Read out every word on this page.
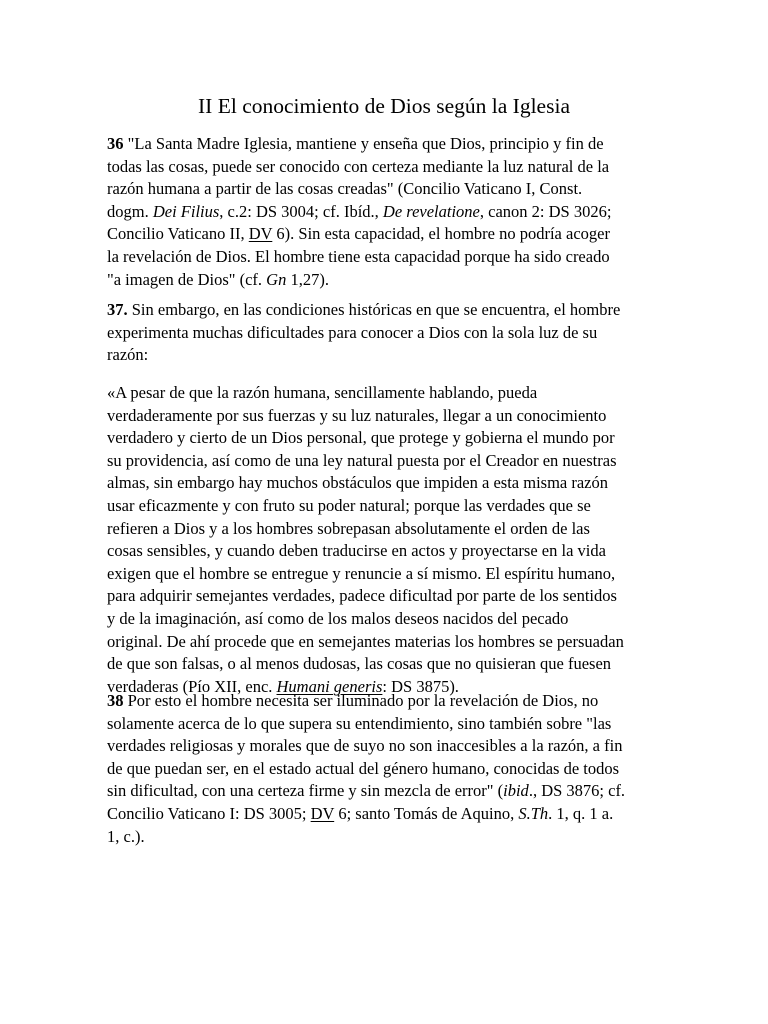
II El conocimiento de Dios según la Iglesia

36 "La Santa Madre Iglesia, mantiene y enseña que Dios, principio y fin de
todas las cosas, puede ser conocido con certeza mediante la luz natural de la
razón humana a partir de las cosas creadas" (Concilio Vaticano I, Const.
dogm. Dei Filius, c.2: DS 3004; cf. Ibíd., De revelatione, canon 2: DS 3026;
Concilio Vaticano II, DV 6). Sin esta capacidad, el hombre no podría acoger
la revelación de Dios. El hombre tiene esta capacidad porque ha sido creado
"a imagen de Dios" (cf. Gn 1,27).

37. Sin embargo, en las condiciones históricas en que se encuentra, el hombre
experimenta muchas dificultades para conocer a Dios con la sola luz de su
razón:

«A pesar de que la razón humana, sencillamente hablando, pueda
verdaderamente por sus fuerzas y su luz naturales, llegar a un conocimiento
verdadero y cierto de un Dios personal, que protege y gobierna el mundo por
su providencia, así como de una ley natural puesta por el Creador en nuestras
almas, sin embargo hay muchos obstáculos que impiden a esta misma razón
usar eficazmente y con fruto su poder natural; porque las verdades que se
refieren a Dios y a los hombres sobrepasan absolutamente el orden de las
cosas sensibles, y cuando deben traducirse en actos y proyectarse en la vida
exigen que el hombre se entregue y renuncie a sí mismo. El espíritu humano,
para adquirir semejantes verdades, padece dificultad por parte de los sentidos
y de la imaginación, así como de los malos deseos nacidos del pecado
original. De ahí procede que en semejantes materias los hombres se persuadan
de que son falsas, o al menos dudosas, las cosas que no quisieran que fuesen
verdaderas (Pío XII, enc. Humani generis: DS 3875).

38 Por esto el hombre necesita ser iluminado por la revelación de Dios, no
solamente acerca de lo que supera su entendimiento, sino también sobre "las
verdades religiosas y morales que de suyo no son inaccesibles a la razón, a fin
de que puedan ser, en el estado actual del género humano, conocidas de todos
sin dificultad, con una certeza firme y sin mezcla de error" (ibid., DS 3876; cf.
Concilio Vaticano I: DS 3005; DV 6; santo Tomás de Aquino, S.Th. 1, q. 1 a.
1, c.).
